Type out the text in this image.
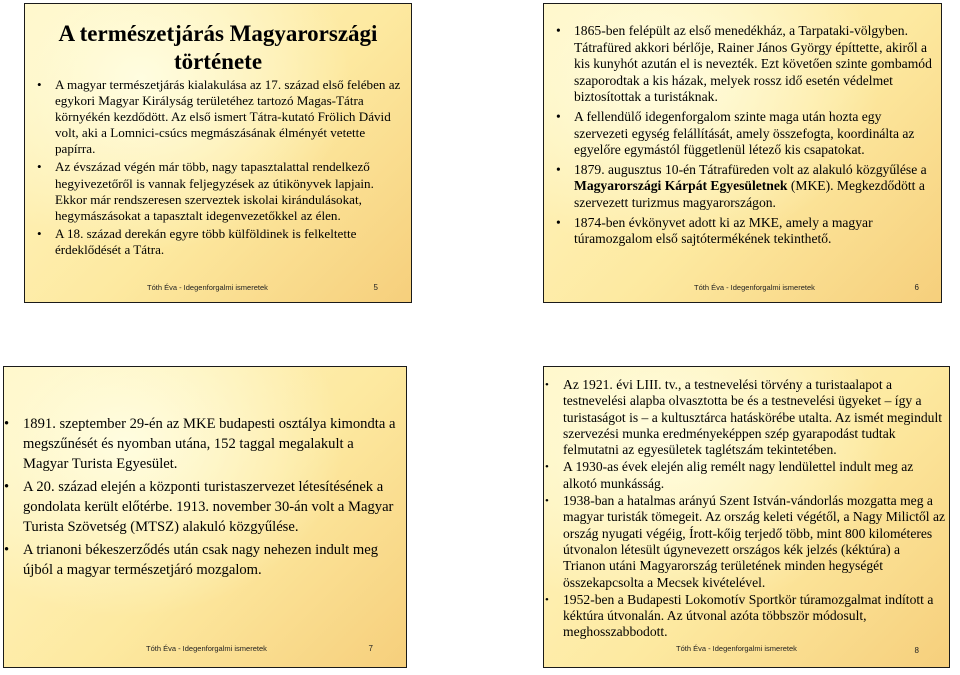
A természetjárás Magyarországi története
• A magyar természetjárás kialakulása az 17. század első felében az egykori Magyar Királyság területéhez tartozó Magas-Tátra környékén kezdődött. Az első ismert Tátra-kutató Frölich Dávid volt, aki a Lomnici-csúcs megmászásának élményét vetette papírra.
• Az évszázad végén már több, nagy tapasztalattal rendelkező hegyivezetőről is vannak feljegyzések az útikönyvek lapjain. Ekkor már rendszeresen szerveztek iskolai kirándulásokat, hegymászásokat a tapasztalt idegenvezetőkkel az élen.
• A 18. század derekán egyre több külföldinek is felkeltette érdeklődését a Tátra.
Tóth Éva - Idegenforgalmi ismeretek	5
• 1865-ben felépült az első menedékház, a Tarpataki-völgyben. Tátrafüred akkori bérlője, Rainer János György építtette, akiről a kis kunyhót azután el is nevezték. Ezt követően szinte gombamód szaporodtak a kis házak, melyek rossz idő esetén védelmet biztosítottak a turistáknak.
• A fellendülő idegenforgalom szinte maga után hozta egy szervezeti egység felállítását, amely összefogta, koordinálta az egyelőre egymástól függetlenül létező kis csapatokat.
• 1879. augusztus 10-én Tátrafüreden volt az alakuló közgyűlése a Magyarországi Kárpát Egyesületnek (MKE). Megkezdődött a szervezett turizmus magyarországon.
• 1874-ben évkönyvet adott ki az MKE, amely a magyar túramozgalom első sajtótermékének tekinthető.
Tóth Éva - Idegenforgalmi ismeretek	6
• 1891. szeptember 29-én az MKE budapesti osztálya kimondta a megszűnését és nyomban utána, 152 taggal megalakult a Magyar Turista Egyesület.
• A 20. század elején a központi turistaszervezet létesítésének a gondolata került előtérbe. 1913. november 30-án volt a Magyar Turista Szövetség (MTSZ) alakuló közgyűlése.
• A trianoni békeszerződés után csak nagy nehezen indult meg újból a magyar természetjáró mozgalom.
Tóth Éva - Idegenforgalmi ismeretek	7
• Az 1921. évi LIII. tv., a testnevelési törvény a turistaalapot a testnevelési alapba olvasztotta be és a testnevelési ügyeket – így a turistaságot is – a kultusztárca hatáskörébe utalta. Az ismét megindult szervezési munka eredményeképpen szép gyarapodást tudtak felmutatni az egyesületek taglétszám tekintetében.
• A 1930-as évek elején alig remélt nagy lendülettel indult meg az alkotó munkásság.
• 1938-ban a hatalmas arányú Szent István-vándorlás mozgatta meg a magyar turisták tömegeit. Az ország keleti végétől, a Nagy Milictől az ország nyugati végéig, Írott-kőig terjedő több, mint 800 kilométeres útvonalon létesült úgynevezett országos kék jelzés (kéktúra) a Trianon utáni Magyarország területének minden hegységét összekapcsolta a Mecsek kivételével.
• 1952-ben a Budapesti Lokomotív Sportkör túramozgalmat indított a kéktúra útvonalán. Az útvonal azóta többször módosult, meghosszabbodott.
Tóth Éva - Idegenforgalmi ismeretek	8
